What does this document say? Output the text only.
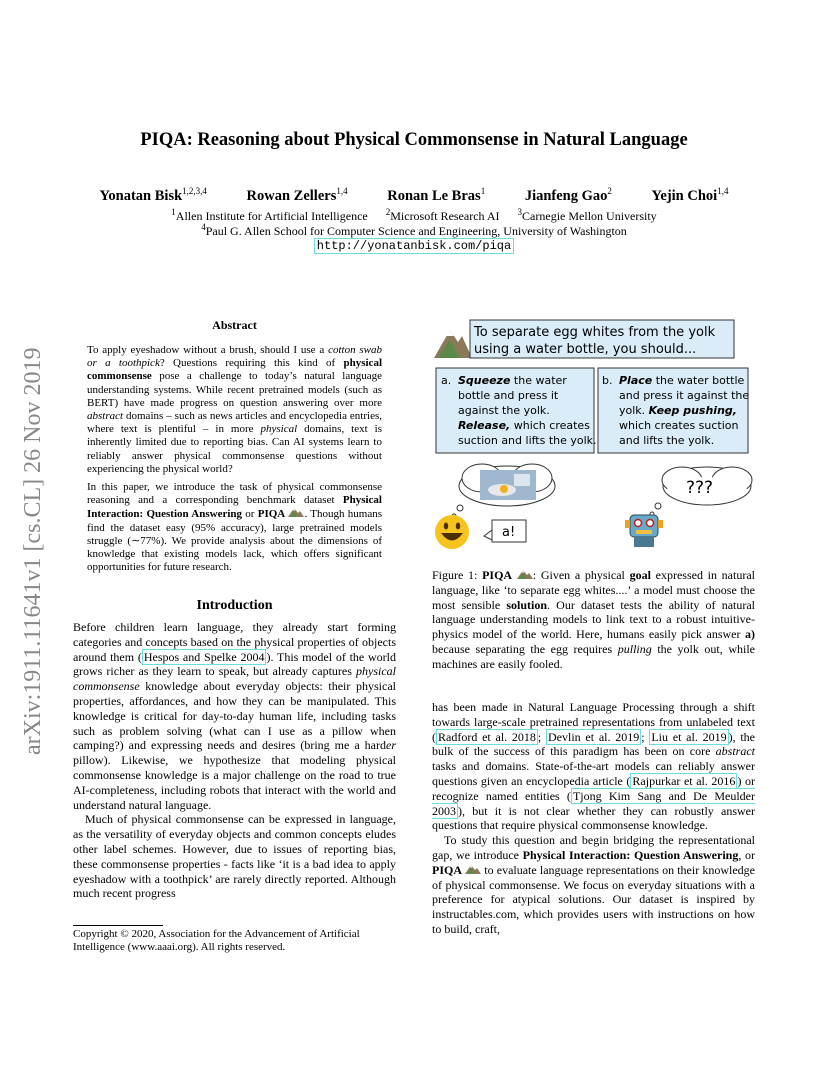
PIQA: Reasoning about Physical Commonsense in Natural Language
Yonatan Bisk$^{1,2,3,4}$	Rowan Zellers$^{1,4}$	Ronan Le Bras$^1$	Jianfeng Gao$^2$	Yejin Choi$^{1,4}$
$^1$Allen Institute for Artificial Intelligence $^2$Microsoft Research AI $^3$Carnegie Mellon University
$^4$Paul G. Allen School for Computer Science and Engineering, University of Washington
http://yonatanbisk.com/piqa
arXiv:1911.11641v1 [cs.CL] 26 Nov 2019
Abstract
To apply eyeshadow without a brush, should I use a cotton swab or a toothpick? Questions requiring this kind of physical commonsense pose a challenge to today’s natural language understanding systems. While recent pretrained models (such as BERT) have made progress on question answering over more abstract domains – such as news articles and encyclopedia entries, where text is plentiful – in more physical domains, text is inherently limited due to reporting bias. Can AI systems learn to reliably answer physical commonsense questions without experiencing the physical world?
In this paper, we introduce the task of physical commonsense reasoning and a corresponding benchmark dataset Physical Interaction: Question Answering or PIQA . Though humans find the dataset easy (95% accuracy), large pretrained models struggle (∼77%). We provide analysis about the dimensions of knowledge that existing models lack, which offers significant opportunities for future research.
Introduction

Before children learn language, they already start forming categories and concepts based on the physical properties of objects around them ( Hespos and Spelke 2004 ). This model of the world grows richer as they learn to speak, but already captures physical commonsense knowledge about everyday objects: their physical properties, affordances, and how they can be manipulated. This knowledge is critical for day-to-day human life, including tasks such as problem solving (what can I use as a pillow when camping?) and expressing needs and desires (bring me a harder pillow). Likewise, we hypothesize that modeling physical commonsense knowledge is a major challenge on the road to true AI-completeness, including robots that interact with the world and understand natural language.

Much of physical commonsense can be expressed in language, as the versatility of everyday objects and common concepts eludes other label schemes. However, due to issues of reporting bias, these commonsense properties - facts like ‘it is a bad idea to apply eyeshadow with a toothpick’ are rarely directly reported. Although much recent progress

Copyright © 2020, Association for the Advancement of Artificial Intelligence (www.aaai.org). All rights reserved.
To separate egg whites from the yolk
using a water bottle, you should...
a. Squeeze the water
bottle and press it
against the yolk.
Release, which creates
suction and lifts the yolk.
b. Place the water bottle
and press it against the
yolk. Keep pushing,
which creates suction
and lifts the yolk.
a!
???
Figure 1: PIQA : Given a physical goal expressed in natural language, like ‘to separate egg whites....’ a model must choose the most sensible solution. Our dataset tests the ability of natural language understanding models to link text to a robust intuitive-physics model of the world. Here, humans easily pick answer a) because separating the egg requires pulling the yolk out, while machines are easily fooled.

has been made in Natural Language Processing through a shift towards large-scale pretrained representations from unlabeled text ( Radford et al. 2018 ; Devlin et al. 2019 ; Liu et al. 2019 ), the bulk of the success of this paradigm has been on core abstract tasks and domains. State-of-the-art models can reliably answer questions given an encyclopedia article ( Rajpurkar et al. 2016 ) or recognize named entities ( Tjong Kim Sang and De Meulder 2003 ), but it is not clear whether they can robustly answer questions that require physical commonsense knowledge.

To study this question and begin bridging the representational gap, we introduce Physical Interaction: Question Answering, or PIQA  to evaluate language representations on their knowledge of physical commonsense. We focus on everyday situations with a preference for atypical solutions. Our dataset is inspired by instructables.com, which provides users with instructions on how to build, craft,
